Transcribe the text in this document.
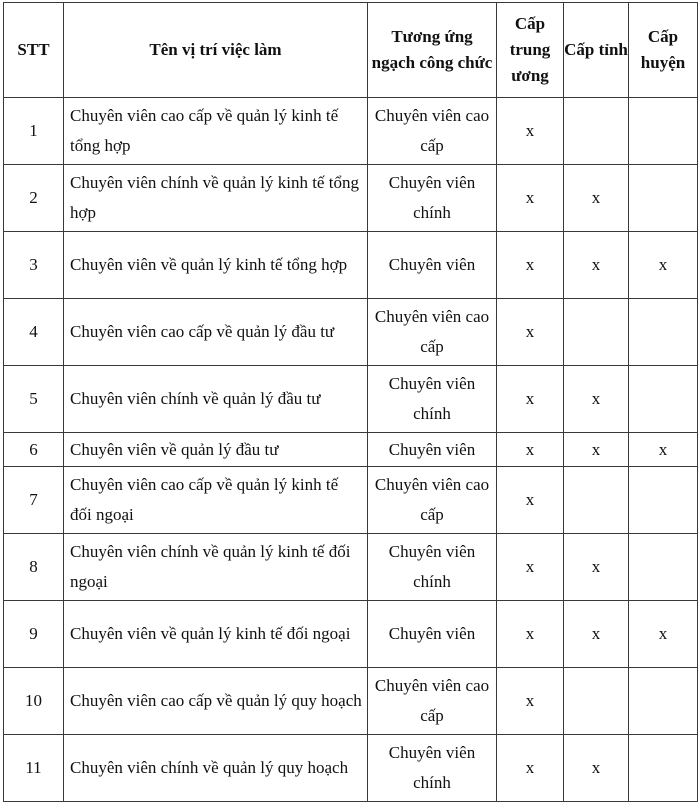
STT	Tên vị trí việc làm	Tương ứng ngạch công chức	Cấp trung ương	Cấp tỉnh	Cấp huyện
1	Chuyên viên cao cấp về quản lý kinh tế tổng hợp	Chuyên viên cao cấp	x		
2	Chuyên viên chính về quản lý kinh tế tổng hợp	Chuyên viên chính	x	x	
3	Chuyên viên về quản lý kinh tế tổng hợp	Chuyên viên	x	x	x
4	Chuyên viên cao cấp về quản lý đầu tư	Chuyên viên cao cấp	x		
5	Chuyên viên chính về quản lý đầu tư	Chuyên viên chính	x	x	
6	Chuyên viên về quản lý đầu tư	Chuyên viên	x	x	x
7	Chuyên viên cao cấp về quản lý kinh tế đối ngoại	Chuyên viên cao cấp	x		
8	Chuyên viên chính về quản lý kinh tế đối ngoại	Chuyên viên chính	x	x	
9	Chuyên viên về quản lý kinh tế đối ngoại	Chuyên viên	x	x	x
10	Chuyên viên cao cấp về quản lý quy hoạch	Chuyên viên cao cấp	x		
11	Chuyên viên chính về quản lý quy hoạch	Chuyên viên chính	x	x	
